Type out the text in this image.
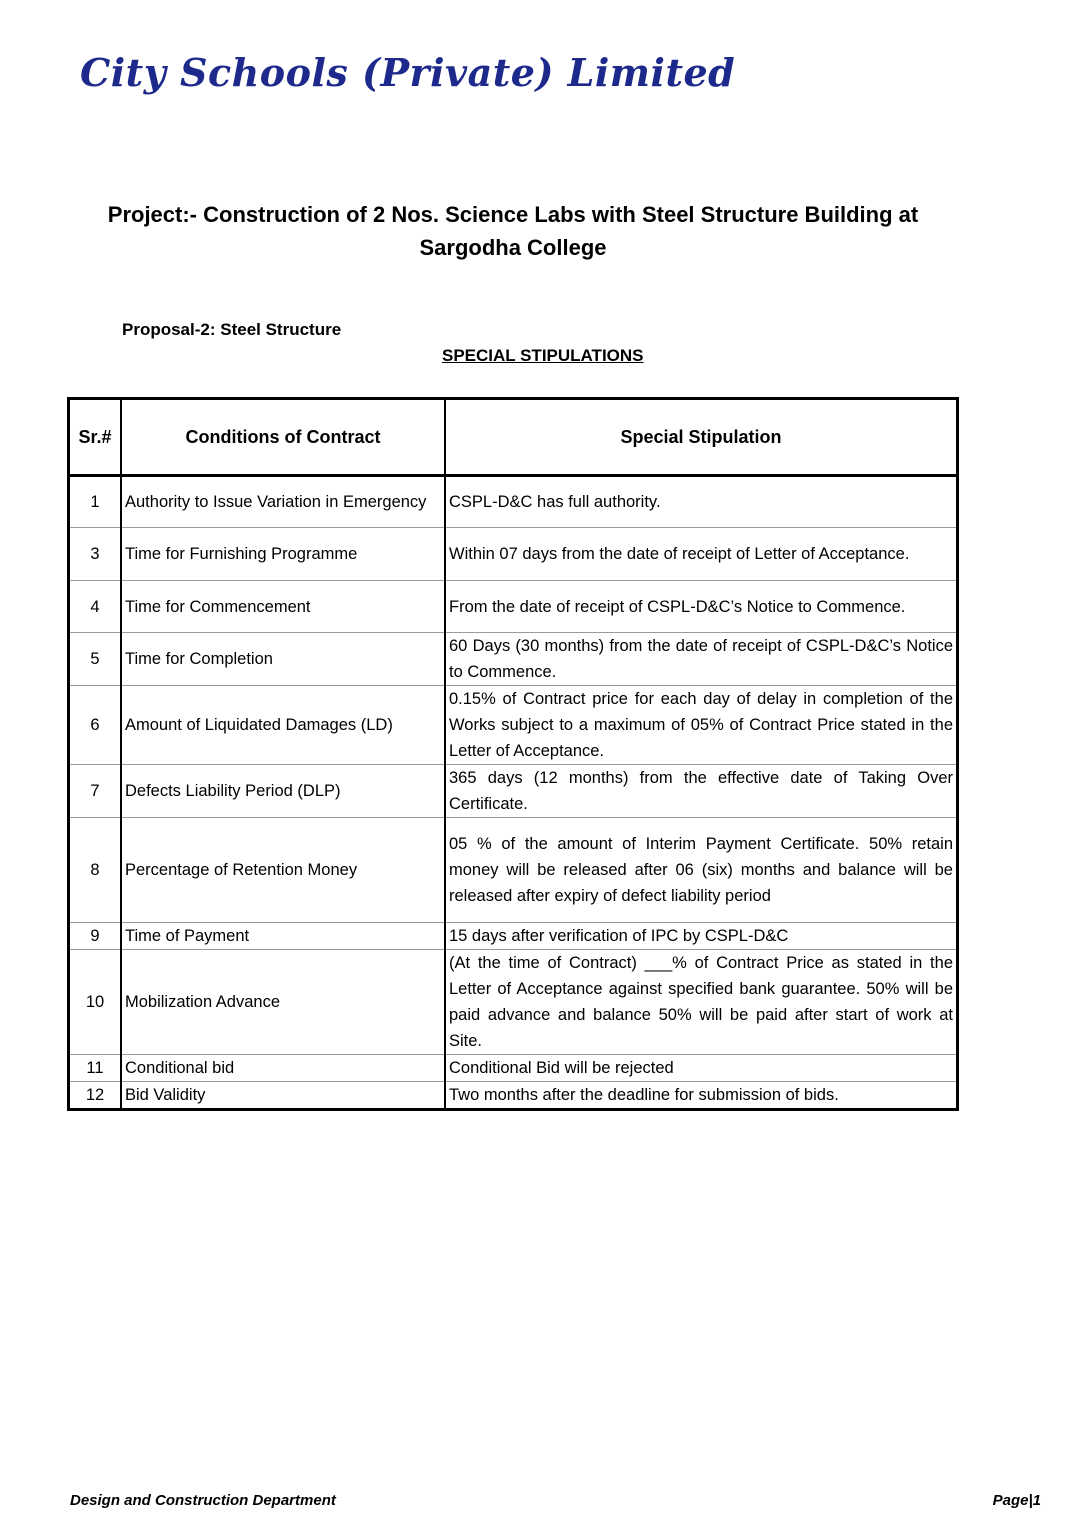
City Schools (Private) Limited
Project:- Construction of 2 Nos. Science Labs with Steel Structure Building at
Sargodha College
Proposal-2: Steel Structure
SPECIAL STIPULATIONS
Sr.#	Conditions of Contract	Special Stipulation
1	Authority to Issue Variation in Emergency	CSPL-D&C has full authority.
3	Time for Furnishing Programme	Within 07 days from the date of receipt of Letter of Acceptance.
4	Time for Commencement	From the date of receipt of CSPL-D&C’s Notice to Commence.
5	Time for Completion	60 Days (30 months) from the date of receipt of CSPL-D&C’s Notice to Commence.
6	Amount of Liquidated Damages (LD)	0.15% of Contract price for each day of delay in completion of the Works subject to a maximum of 05% of Contract Price stated in the Letter of Acceptance.
7	Defects Liability Period (DLP)	365 days (12 months) from the effective date of Taking Over Certificate.
8	Percentage of Retention Money	05 % of the amount of Interim Payment Certificate. 50% retain money will be released after 06 (six) months and balance will be released after expiry of defect liability period
9	Time of Payment	15 days after verification of IPC by CSPL-D&C
10	Mobilization Advance	(At the time of Contract) ___% of Contract Price as stated in the Letter of Acceptance against specified bank guarantee. 50% will be paid advance and balance 50% will be paid after start of work at Site.
11	Conditional bid	Conditional Bid will be rejected
12	Bid Validity	Two months after the deadline for submission of bids.
Design and Construction Department	Page|1
